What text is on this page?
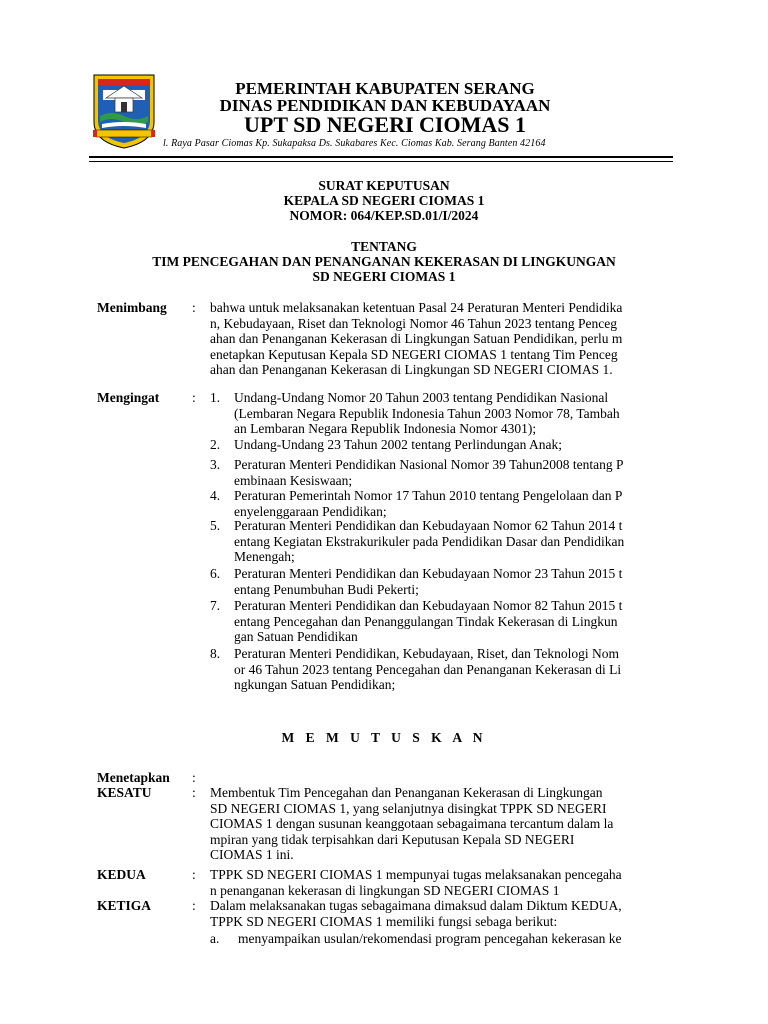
PEMERINTAH KABUPATEN SERANG
DINAS PENDIDIKAN DAN KEBUDAYAAN
UPT SD NEGERI CIOMAS 1
l. Raya Pasar Ciomas Kp. Sukapaksa Ds. Sukabares Kec. Ciomas Kab. Serang Banten 42164
SURAT KEPUTUSAN
KEPALA SD NEGERI CIOMAS 1
NOMOR: 064/KEP.SD.01/I/2024
TENTANG
TIM PENCEGAHAN DAN PENANGANAN KEKERASAN DI LINGKUNGAN
SD NEGERI CIOMAS 1
Menimbang : bahwa untuk melaksanakan ketentuan Pasal 24 Peraturan Menteri Pendidika
n, Kebudayaan, Riset dan Teknologi Nomor 46 Tahun 2023 tentang Penceg
ahan dan Penanganan Kekerasan di Lingkungan Satuan Pendidikan, perlu m
enetapkan Keputusan Kepala SD NEGERI CIOMAS 1 tentang Tim Penceg
ahan dan Penanganan Kekerasan di Lingkungan SD NEGERI CIOMAS 1.
Mengingat : 1. Undang-Undang Nomor 20 Tahun 2003 tentang Pendidikan Nasional
(Lembaran Negara Republik Indonesia Tahun 2003 Nomor 78, Tambah
an Lembaran Negara Republik Indonesia Nomor 4301);
2. Undang-Undang 23 Tahun 2002 tentang Perlindungan Anak;
3. Peraturan Menteri Pendidikan Nasional Nomor 39 Tahun2008 tentang P
embinaan Kesiswaan;
4. Peraturan Pemerintah Nomor 17 Tahun 2010 tentang Pengelolaan dan P
enyelenggaraan Pendidikan;
5. Peraturan Menteri Pendidikan dan Kebudayaan Nomor 62 Tahun 2014 t
entang Kegiatan Ekstrakurikuler pada Pendidikan Dasar dan Pendidikan
Menengah;
6. Peraturan Menteri Pendidikan dan Kebudayaan Nomor 23 Tahun 2015 t
entang Penumbuhan Budi Pekerti;
7. Peraturan Menteri Pendidikan dan Kebudayaan Nomor 82 Tahun 2015 t
entang Pencegahan dan Penanggulangan Tindak Kekerasan di Lingkun
gan Satuan Pendidikan
8. Peraturan Menteri Pendidikan, Kebudayaan, Riset, dan Teknologi Nom
or 46 Tahun 2023 tentang Pencegahan dan Penanganan Kekerasan di Li
ngkungan Satuan Pendidikan;
M E M U T U S K A N
Menetapkan :
KESATU	: Membentuk Tim Pencegahan dan Penanganan Kekerasan di Lingkungan
SD NEGERI CIOMAS 1, yang selanjutnya disingkat TPPK SD NEGERI
CIOMAS 1 dengan susunan keanggotaan sebagaimana tercantum dalam la
mpiran yang tidak terpisahkan dari Keputusan Kepala SD NEGERI
CIOMAS 1 ini.
KEDUA	: TPPK SD NEGERI CIOMAS 1 mempunyai tugas melaksanakan pencegaha
n penanganan kekerasan di lingkungan SD NEGERI CIOMAS 1
KETIGA	: Dalam melaksanakan tugas sebagaimana dimaksud dalam Diktum KEDUA,
TPPK SD NEGERI CIOMAS 1 memiliki fungsi sebaga berikut:
a. menyampaikan usulan/rekomendasi program pencegahan kekerasan ke
